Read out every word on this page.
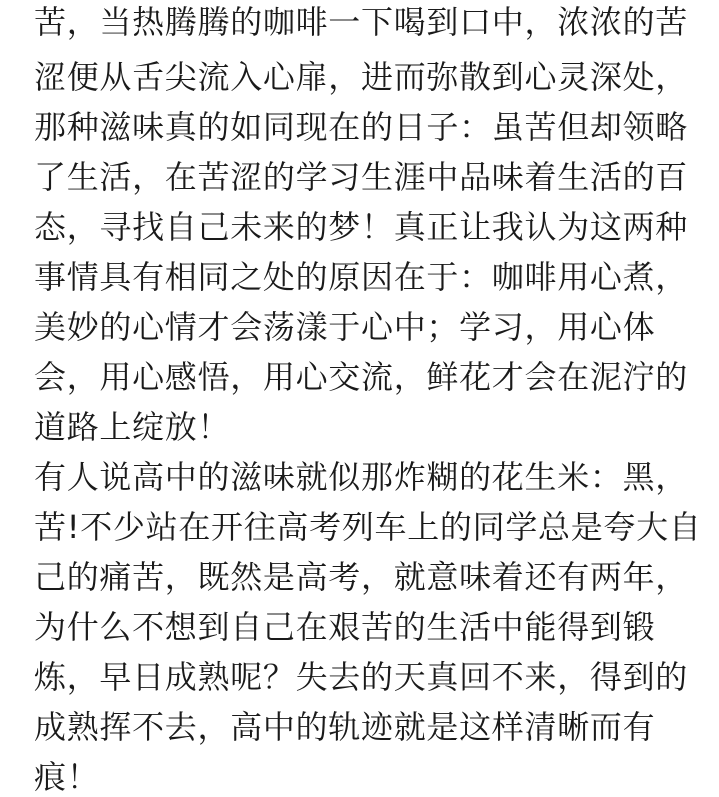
苦，当热腾腾的咖啡一下喝到口中，浓浓的苦

涩便从舌尖流入心扉，进而弥散到心灵深处，

那种滋味真的如同现在的日子：虽苦但却领略

了生活，在苦涩的学习生涯中品味着生活的百

态，寻找自己未来的梦！真正让我认为这两种

事情具有相同之处的原因在于：咖啡用心煮，

美妙的心情才会荡漾于心中；学习，用心体

会，用心感悟，用心交流，鲜花才会在泥泞的

道路上绽放！

有人说高中的滋味就似那炸糊的花生米：黑，

苦!不少站在开往高考列车上的同学总是夸大自

己的痛苦，既然是高考，就意味着还有两年，

为什么不想到自己在艰苦的生活中能得到锻

炼，早日成熟呢？失去的天真回不来，得到的

成熟挥不去，高中的轨迹就是这样清晰而有

痕！
